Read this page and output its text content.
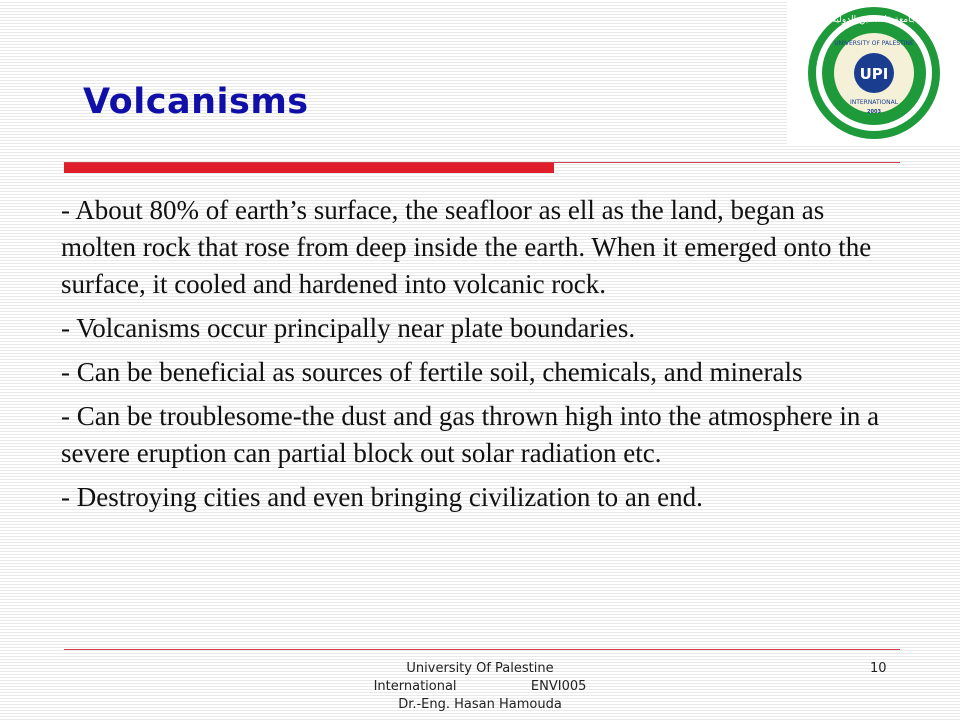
UPI
UNIVERSITY OF PALESTINE
INTERNATIONAL
2003
جامعة فلسطين الدولية
Volcanisms

- About 80% of earth’s surface, the seafloor as ell as the land, began as molten rock that rose from deep inside the earth. When it emerged onto the surface, it cooled and hardened into volcanic rock.

- Volcanisms occur principally near plate boundaries.

- Can be beneficial as sources of fertile soil, chemicals, and minerals

- Can be troublesome-the dust and gas thrown high into the atmosphere in a severe eruption can partial block out solar radiation etc.

- Destroying cities and even bringing civilization to an end.

University Of Palestine
International                  ENVI005
Dr.-Eng. Hasan Hamouda
10
